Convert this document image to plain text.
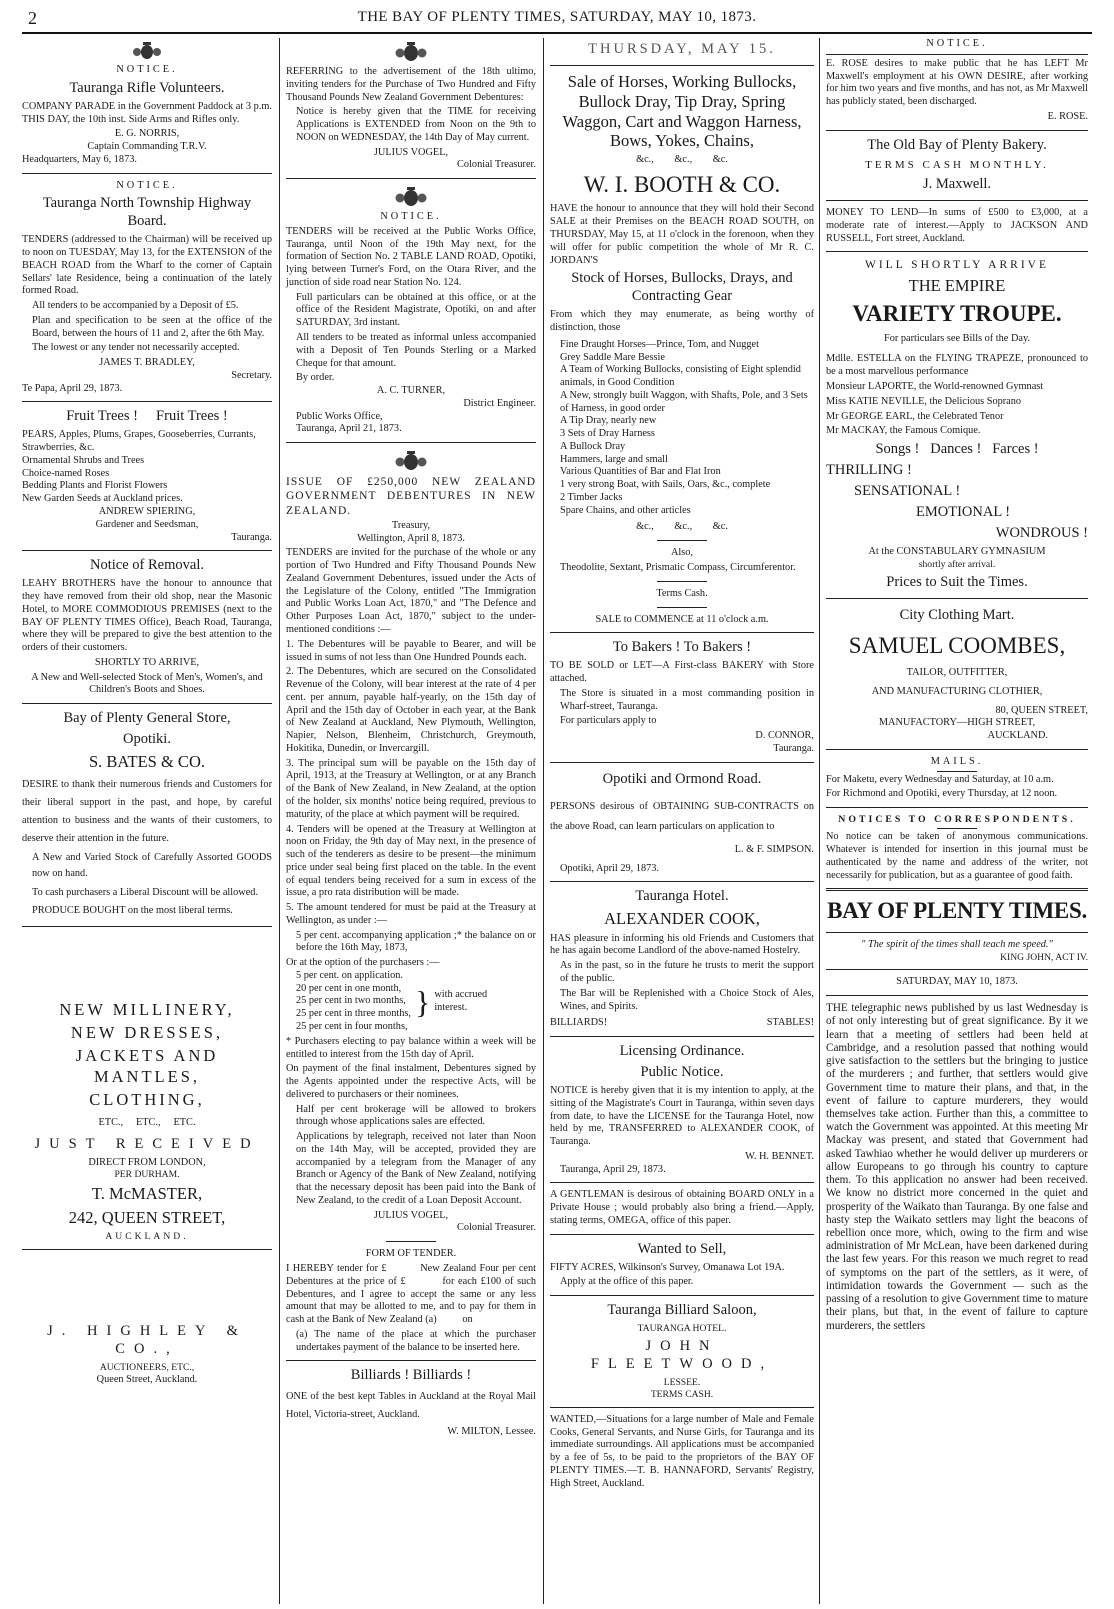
2	THE BAY OF PLENTY TIMES, SATURDAY, MAY 10, 1873.
NOTICE.
Tauranga Rifle Volunteers.

COMPANY PARADE in the Government Paddock at 3 p.m. THIS DAY, the 10th inst. Side Arms and Rifles only.

E. G. NORRIS,
Captain Commanding T.R.V.
Headquarters, May 6, 1873.
NOTICE.
Tauranga North Township Highway Board.

TENDERS (addressed to the Chairman) will be received up to noon on TUESDAY, May 13, for the EXTENSION of the BEACH ROAD from the Wharf to the corner of Captain Sellars' late Residence, being a continuation of the lately formed Road.

All tenders to be accompanied by a Deposit of £5.

Plan and specification to be seen at the office of the Board, between the hours of 11 and 2, after the 6th May.

The lowest or any tender not necessarily accepted.

JAMES T. BRADLEY,
Secretary.
Te Papa, April 29, 1873.
Fruit Trees !     Fruit Trees !
PEARS, Apples, Plums, Grapes, Gooseberries, Currants, Strawberries, &c.
Ornamental Shrubs and Trees
Choice-named Roses
Bedding Plants and Florist Flowers
New Garden Seeds at Auckland prices.
ANDREW SPIERING,
Gardener and Seedsman,
Tauranga.
Notice of Removal.

LEAHY BROTHERS have the honour to announce that they have removed from their old shop, near the Masonic Hotel, to MORE COMMODIOUS PREMISES (next to the BAY OF PLENTY TIMES Office), Beach Road, Tauranga, where they will be prepared to give the best attention to the orders of their customers.

SHORTLY TO ARRIVE,

A New and Well-selected Stock of Men's, Women's, and Children's Boots and Shoes.

Bay of Plenty General Store,
Opotiki.
S. BATES & CO.

DESIRE to thank their numerous friends and Customers for their liberal support in the past, and hope, by careful attention to business and the wants of their customers, to deserve their attention in the future.

A New and Varied Stock of Carefully Assorted GOODS now on hand.

To cash purchasers a Liberal Discount will be allowed.

PRODUCE BOUGHT on the most liberal terms.

NEW MILLINERY,
NEW DRESSES,
JACKETS AND MANTLES,
CLOTHING,
ETC.,     ETC.,     ETC.
JUST RECEIVED
DIRECT FROM LONDON,
PER DURHAM.
T. McMASTER,
242, QUEEN STREET,
AUCKLAND.
J. HIGHLEY & CO.,
AUCTIONEERS, ETC.,
Queen Street, Auckland.

REFERRING to the advertisement of the 18th ultimo, inviting tenders for the Purchase of Two Hundred and Fifty Thousand Pounds New Zealand Government Debentures:

Notice is hereby given that the TIME for receiving Applications is EXTENDED from Noon on the 9th to NOON on WEDNESDAY, the 14th Day of May current.

JULIUS VOGEL,
Colonial Treasurer.
NOTICE.

TENDERS will be received at the Public Works Office, Tauranga, until Noon of the 19th May next, for the formation of Section No. 2 TABLE LAND ROAD, Opotiki, lying between Turner's Ford, on the Otara River, and the junction of side road near Station No. 124.

Full particulars can be obtained at this office, or at the office of the Resident Magistrate, Opotiki, on and after SATURDAY, 3rd instant.

All tenders to be treated as informal unless accompanied with a Deposit of Ten Pounds Sterling or a Marked Cheque for that amount.

By order.
A. C. TURNER,
District Engineer.
Public Works Office,
Tauranga, April 21, 1873.

ISSUE OF £250,000 NEW ZEALAND GOVERNMENT DEBENTURES IN NEW ZEALAND.

Treasury,
Wellington, April 8, 1873.

TENDERS are invited for the purchase of the whole or any portion of Two Hundred and Fifty Thousand Pounds New Zealand Government Debentures, issued under the Acts of the Legislature of the Colony, entitled "The Immigration and Public Works Loan Act, 1870," and "The Defence and Other Purposes Loan Act, 1870," subject to the under-mentioned conditions :—

1. The Debentures will be payable to Bearer, and will be issued in sums of not less than One Hundred Pounds each.

2. The Debentures, which are secured on the Consolidated Revenue of the Colony, will bear interest at the rate of 4 per cent. per annum, payable half-yearly, on the 15th day of April and the 15th day of October in each year, at the Bank of New Zealand at Auckland, New Plymouth, Wellington, Napier, Nelson, Blenheim, Christchurch, Greymouth, Hokitika, Dunedin, or Invercargill.

3. The principal sum will be payable on the 15th day of April, 1913, at the Treasury at Wellington, or at any Branch of the Bank of New Zealand, in New Zealand, at the option of the holder, six months' notice being required, previous to maturity, of the place at which payment will be required.

4. Tenders will be opened at the Treasury at Wellington at noon on Friday, the 9th day of May next, in the presence of such of the tenderers as desire to be present—the minimum price under seal being first placed on the table. In the event of equal tenders being received for a sum in excess of the issue, a pro rata distribution will be made.

5. The amount tendered for must be paid at the Treasury at Wellington, as under :—

5 per cent. accompanying application ;* the balance on or before the 16th May, 1873,

Or at the option of the purchasers :—
5 per cent. on application.
20 per cent in one month,
25 per cent in two months,
25 per cent in three months,
25 per cent in four months,
} with accrued interest.

* Purchasers electing to pay balance within a week will be entitled to interest from the 15th day of April.

On payment of the final instalment, Debentures signed by the Agents appointed under the respective Acts, will be delivered to purchasers or their nominees.

Half per cent brokerage will be allowed to brokers through whose applications sales are effected.

Applications by telegraph, received not later than Noon on the 14th May, will be accepted, provided they are accompanied by a telegram from the Manager of any Branch or Agency of the Bank of New Zealand, notifying that the necessary deposit has been paid into the Bank of New Zealand, to the credit of a Loan Deposit Account.

JULIUS VOGEL,
Colonial Treasurer.
FORM OF TENDER.

I HEREBY tender for £          New Zealand Four per cent Debentures at the price of £          for each £100 of such Debentures, and I agree to accept the same or any less amount that may be allotted to me, and to pay for them in cash at the Bank of New Zealand (a)          on

(a) The name of the place at which the purchaser undertakes payment of the balance to be inserted here.

Billiards ! Billiards !

ONE of the best kept Tables in Auckland at the Royal Mail Hotel, Victoria-street, Auckland.

W. MILTON, Lessee.
THURSDAY, MAY 15.
Sale of Horses, Working Bullocks, Bullock Dray, Tip Dray, Spring Waggon, Cart and Waggon Harness, Bows, Yokes, Chains,
&c.,        &c.,        &c.
W. I. BOOTH & CO.

HAVE the honour to announce that they will hold their Second SALE at their Premises on the BEACH ROAD SOUTH, on THURSDAY, May 15, at 11 o'clock in the forenoon, when they will offer for public competition the whole of Mr R. C. JORDAN'S

Stock of Horses, Bullocks, Drays, and Contracting Gear

From which they may enumerate, as being worthy of distinction, those

Fine Draught Horses—Prince, Tom, and Nugget
Grey Saddle Mare Bessie
A Team of Working Bullocks, consisting of Eight splendid animals, in Good Condition
A New, strongly built Waggon, with Shafts, Pole, and 3 Sets of Harness, in good order
A Tip Dray, nearly new
3 Sets of Dray Harness
A Bullock Dray
Hammers, large and small
Various Quantities of Bar and Flat Iron
1 very strong Boat, with Sails, Oars, &c., complete
2 Timber Jacks
Spare Chains, and other articles
&c.,        &c.,        &c.
Also,

Theodolite, Sextant, Prismatic Compass, Circumferentor.

Terms Cash.
SALE to COMMENCE at 11 o'clock a.m.
To Bakers ! To Bakers !

TO BE SOLD or LET—A First-class BAKERY with Store attached.

The Store is situated in a most commanding position in Wharf-street, Tauranga.

For particulars apply to

D. CONNOR,
Tauranga.
Opotiki and Ormond Road.

PERSONS desirous of OBTAINING SUB-CONTRACTS on the above Road, can learn particulars on application to

L. & F. SIMPSON.
Opotiki, April 29, 1873.
Tauranga Hotel.
ALEXANDER COOK,

HAS pleasure in informing his old Friends and Customers that he has again become Landlord of the above-named Hostelry.

As in the past, so in the future he trusts to merit the support of the public.

The Bar will be Replenished with a Choice Stock of Ales, Wines, and Spirits.

BILLIARDS!	STABLES!
Licensing Ordinance.
Public Notice.

NOTICE is hereby given that it is my intention to apply, at the sitting of the Magistrate's Court in Tauranga, within seven days from date, to have the LICENSE for the Tauranga Hotel, now held by me, TRANSFERRED to ALEXANDER COOK, of Tauranga.

W. H. BENNET.
Tauranga, April 29, 1873.

A GENTLEMAN is desirous of obtaining BOARD ONLY in a Private House ; would probably also bring a friend.—Apply, stating terms, OMEGA, office of this paper.

Wanted to Sell,

FIFTY ACRES, Wilkinson's Survey, Omanawa Lot 19A.

Apply at the office of this paper.
Tauranga Billiard Saloon,
TAURANGA HOTEL.
JOHN FLEETWOOD,
LESSEE.
TERMS CASH.

WANTED,—Situations for a large number of Male and Female Cooks, General Servants, and Nurse Girls, for Tauranga and its immediate surroundings. All applications must be accompanied by a fee of 5s, to be paid to the proprietors of the BAY OF PLENTY TIMES.—T. B. HANNAFORD, Servants' Registry, High Street, Auckland.

NOTICE.

E. ROSE desires to make public that he has LEFT Mr Maxwell's employment at his OWN DESIRE, after working for him two years and five months, and has not, as Mr Maxwell has publicly stated, been discharged.

E. ROSE.
The Old Bay of Plenty Bakery.
TERMS CASH MONTHLY.
J. Maxwell.

MONEY TO LEND—In sums of £500 to £3,000, at a moderate rate of interest.—Apply to JACKSON AND RUSSELL, Fort street, Auckland.

WILL SHORTLY ARRIVE
THE EMPIRE
VARIETY TROUPE.
For particulars see Bills of the Day.

Mdlle. ESTELLA on the FLYING TRAPEZE, pronounced to be a most marvellous performance

Monsieur LAPORTE, the World-renowned Gymnast

Miss KATIE NEVILLE, the Delicious Soprano

Mr GEORGE EARL, the Celebrated Tenor

Mr MACKAY, the Famous Comique.

Songs !   Dances !   Farces !
THRILLING !
SENSATIONAL !
EMOTIONAL !
WONDROUS !
At the CONSTABULARY GYMNASIUM
shortly after arrival.
Prices to Suit the Times.
City Clothing Mart.
SAMUEL COOMBES,
TAILOR, OUTFITTER,
AND MANUFACTURING CLOTHIER,
80, QUEEN STREET,
MANUFACTORY—HIGH STREET,
AUCKLAND.
MAILS.

For Maketu, every Wednesday and Saturday, at 10 a.m.

For Richmond and Opotiki, every Thursday, at 12 noon.

NOTICES TO CORRESPONDENTS.

No notice can be taken of anonymous communications. Whatever is intended for insertion in this journal must be authenticated by the name and address of the writer, not necessarily for publication, but as a guarantee of good faith.

BAY OF PLENTY TIMES.
" The spirit of the times shall teach me speed."
KING JOHN, ACT IV.
SATURDAY, MAY 10, 1873.

THE telegraphic news published by us last Wednesday is of not only interesting but of great significance. By it we learn that a meeting of settlers had been held at Cambridge, and a resolution passed that nothing would give satisfaction to the settlers but the bringing to justice of the murderers ; and further, that settlers would give Government time to mature their plans, and that, in the event of failure to capture murderers, they would themselves take action. Further than this, a committee to watch the Government was appointed. At this meeting Mr Mackay was present, and stated that Government had asked Tawhiao whether he would deliver up murderers or allow Europeans to go through his country to capture them. To this application no answer had been received. We know no district more concerned in the quiet and prosperity of the Waikato than Tauranga. By one false and hasty step the Waikato settlers may light the beacons of rebellion once more, which, owing to the firm and wise administration of Mr McLean, have been darkened during the last few years. For this reason we much regret to read of symptoms on the part of the settlers, as it were, of intimidation towards the Government — such as the passing of a resolution to give Government time to mature their plans, but that, in the event of failure to capture murderers, the settlers
